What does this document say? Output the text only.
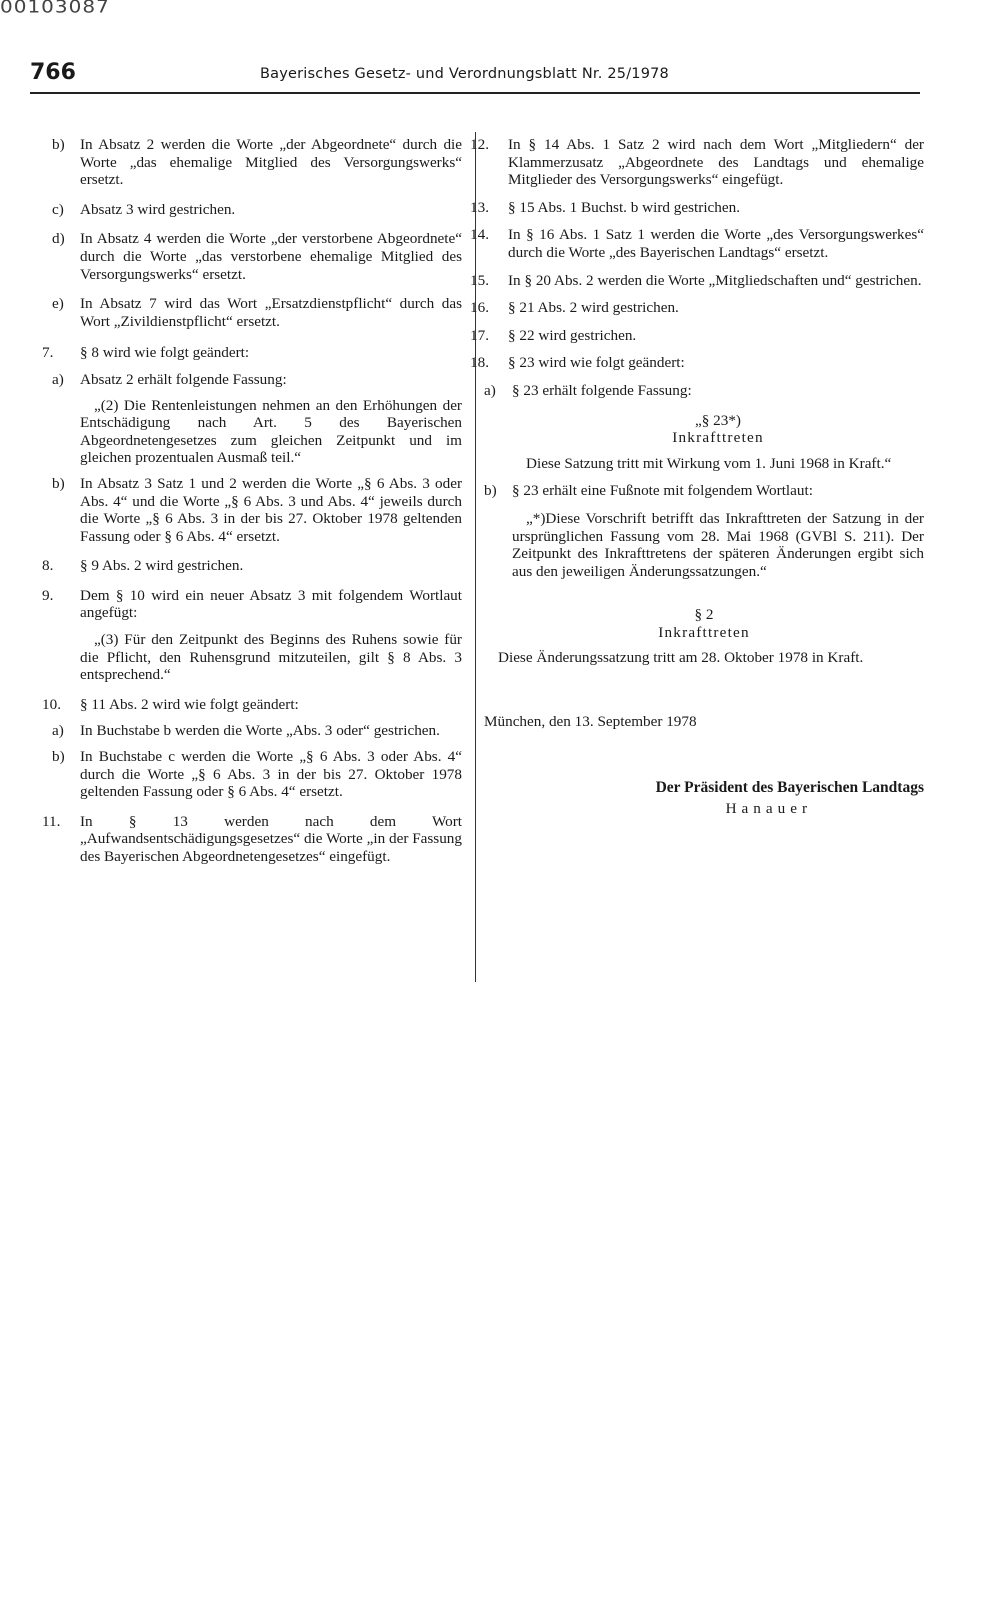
00103087
766	Bayerisches Gesetz- und Verordnungsblatt Nr. 25/1978
b) In Absatz 2 werden die Worte „der Abgeordnete“ durch die Worte „das ehemalige Mitglied des Versorgungswerks“ ersetzt.
c) Absatz 3 wird gestrichen.
d) In Absatz 4 werden die Worte „der verstorbene Abgeordnete“ durch die Worte „das verstorbene ehemalige Mitglied des Versorgungswerks“ ersetzt.
e) In Absatz 7 wird das Wort „Ersatzdienstpflicht“ durch das Wort „Zivildienstpflicht“ ersetzt.
7. § 8 wird wie folgt geändert:
a) Absatz 2 erhält folgende Fassung:
„(2) Die Rentenleistungen nehmen an den Erhöhungen der Entschädigung nach Art. 5 des Bayerischen Abgeordnetengesetzes zum gleichen Zeitpunkt und im gleichen prozentualen Ausmaß teil.“
b) In Absatz 3 Satz 1 und 2 werden die Worte „§ 6 Abs. 3 oder Abs. 4“ und die Worte „§ 6 Abs. 3 und Abs. 4“ jeweils durch die Worte „§ 6 Abs. 3 in der bis 27. Oktober 1978 geltenden Fassung oder § 6 Abs. 4“ ersetzt.
8. § 9 Abs. 2 wird gestrichen.
9. Dem § 10 wird ein neuer Absatz 3 mit folgendem Wortlaut angefügt:
„(3) Für den Zeitpunkt des Beginns des Ruhens sowie für die Pflicht, den Ruhensgrund mitzuteilen, gilt § 8 Abs. 3 entsprechend.“
10. § 11 Abs. 2 wird wie folgt geändert:
a) In Buchstabe b werden die Worte „Abs. 3 oder“ gestrichen.
b) In Buchstabe c werden die Worte „§ 6 Abs. 3 oder Abs. 4“ durch die Worte „§ 6 Abs. 3 in der bis 27. Oktober 1978 geltenden Fassung oder § 6 Abs. 4“ ersetzt.
11. In § 13 werden nach dem Wort „Aufwandsentschädigungsgesetzes“ die Worte „in der Fassung des Bayerischen Abgeordnetengesetzes“ eingefügt.
12. In § 14 Abs. 1 Satz 2 wird nach dem Wort „Mitgliedern“ der Klammerzusatz „Abgeordnete des Landtags und ehemalige Mitglieder des Versorgungswerks“ eingefügt.
13. § 15 Abs. 1 Buchst. b wird gestrichen.
14. In § 16 Abs. 1 Satz 1 werden die Worte „des Versorgungswerkes“ durch die Worte „des Bayerischen Landtags“ ersetzt.
15. In § 20 Abs. 2 werden die Worte „Mitgliedschaften und“ gestrichen.
16. § 21 Abs. 2 wird gestrichen.
17. § 22 wird gestrichen.
18. § 23 wird wie folgt geändert:
a) § 23 erhält folgende Fassung:
„§ 23*)
Inkrafttreten
Diese Satzung tritt mit Wirkung vom 1. Juni 1968 in Kraft.“
b) § 23 erhält eine Fußnote mit folgendem Wortlaut:
„*)Diese Vorschrift betrifft das Inkrafttreten der Satzung in der ursprünglichen Fassung vom 28. Mai 1968 (GVBl S. 211). Der Zeitpunkt des Inkrafttretens der späteren Änderungen ergibt sich aus den jeweiligen Änderungssatzungen.“
§ 2
Inkrafttreten
Diese Änderungssatzung tritt am 28. Oktober 1978 in Kraft.
München, den 13. September 1978
Der Präsident des Bayerischen Landtags
Hanauer
